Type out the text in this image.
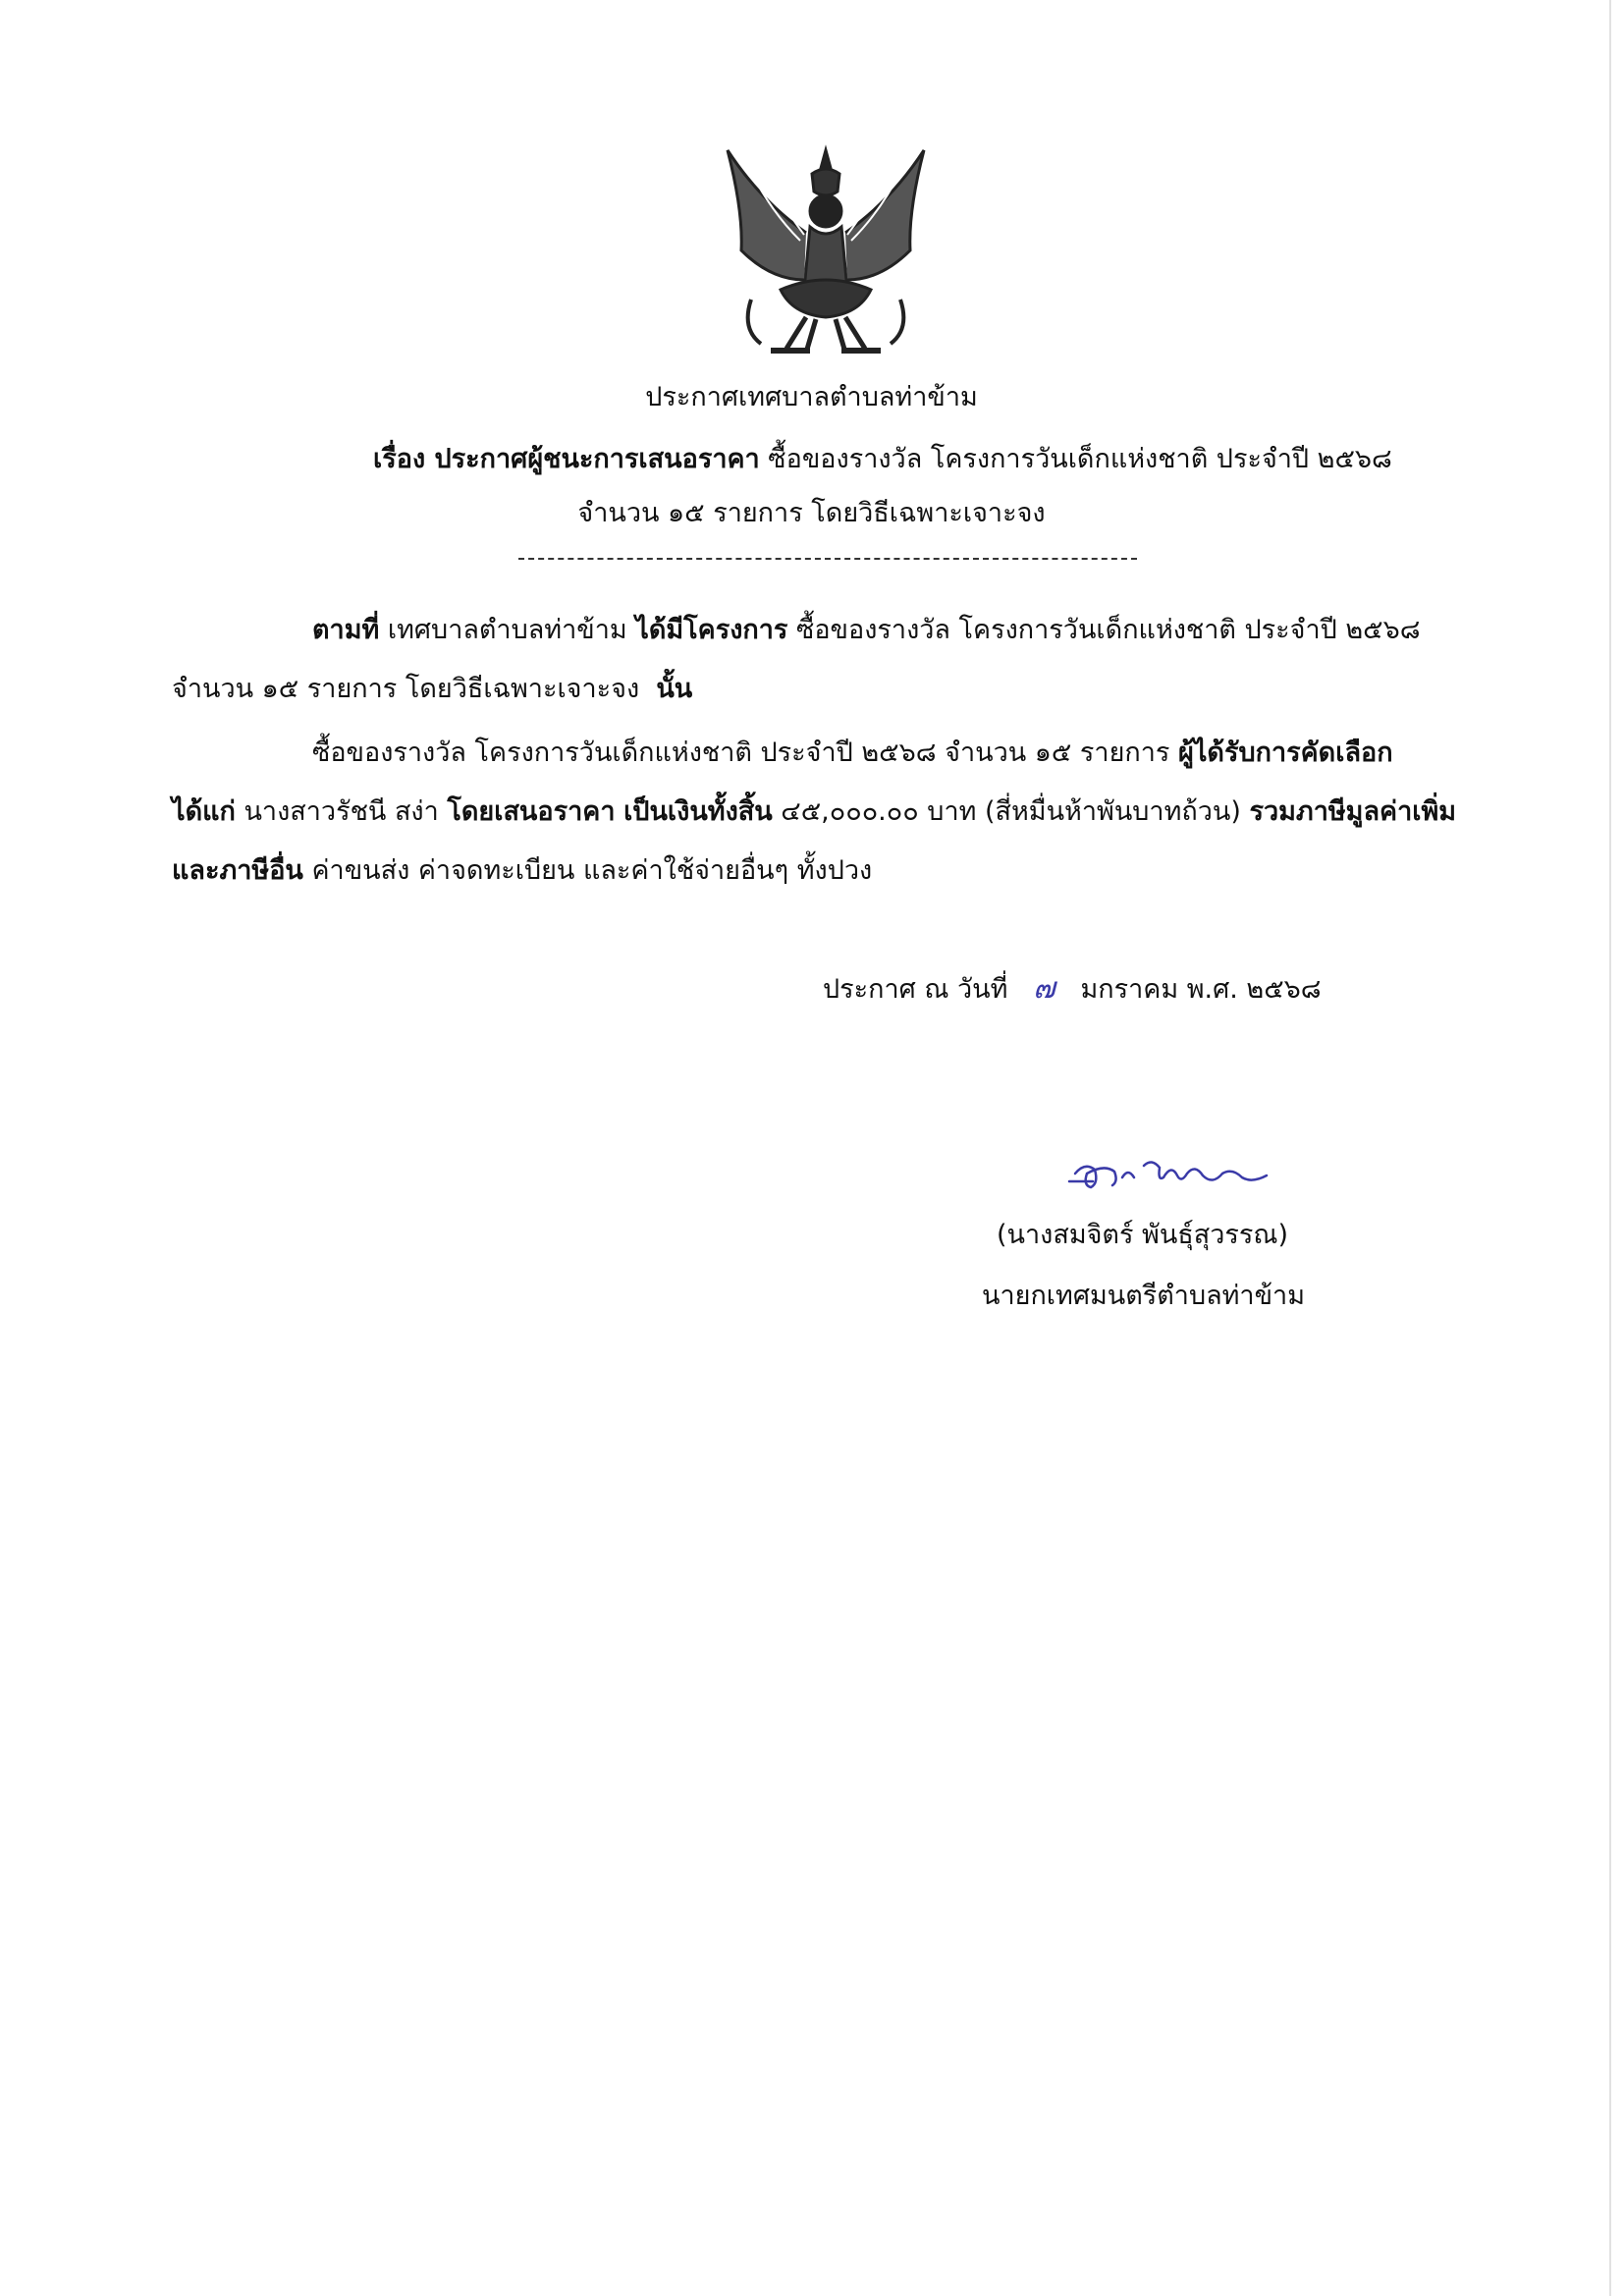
ประกาศเทศบาลตำบลท่าข้าม
เรื่อง ประกาศผู้ชนะการเสนอราคา ซื้อของรางวัล โครงการวันเด็กแห่งชาติ ประจำปี ๒๕๖๘
จำนวน ๑๕ รายการ โดยวิธีเฉพาะเจาะจง
ตามที่ เทศบาลตำบลท่าข้าม ได้มีโครงการ ซื้อของรางวัล โครงการวันเด็กแห่งชาติ ประจำปี ๒๕๖๘
จำนวน ๑๕ รายการ โดยวิธีเฉพาะเจาะจง นั้น
ซื้อของรางวัล โครงการวันเด็กแห่งชาติ ประจำปี ๒๕๖๘ จำนวน ๑๕ รายการ ผู้ได้รับการคัดเลือก
ได้แก่ นางสาวรัชนี สง่า โดยเสนอราคา เป็นเงินทั้งสิ้น ๔๕,๐๐๐.๐๐ บาท (สี่หมื่นห้าพันบาทถ้วน) รวมภาษีมูลค่าเพิ่ม
และภาษีอื่น ค่าขนส่ง ค่าจดทะเบียน และค่าใช้จ่ายอื่นๆ ทั้งปวง
ประกาศ ณ วันที่ ๗ มกราคม พ.ศ. ๒๕๖๘
(นางสมจิตร์ พันธุ์สุวรรณ)
นายกเทศมนตรีตำบลท่าข้าม
